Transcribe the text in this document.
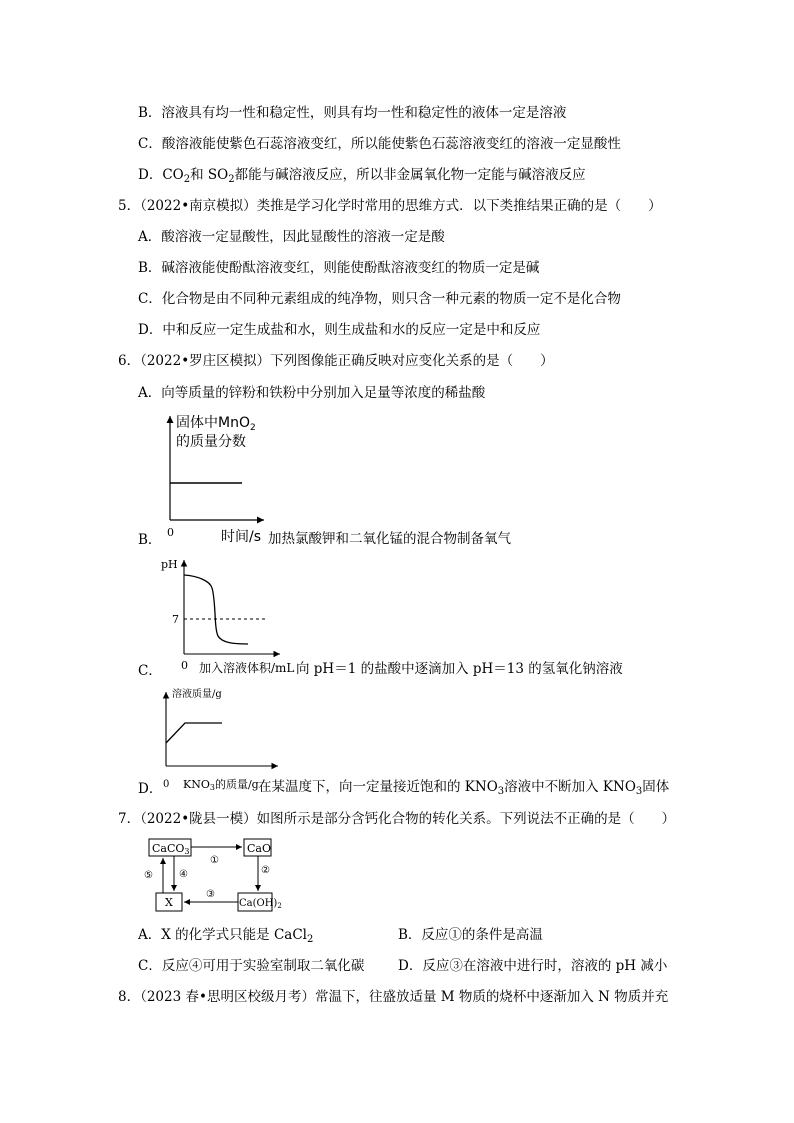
B．溶液具有均一性和稳定性，则具有均一性和稳定性的液体一定是溶液
C．酸溶液能使紫色石蕊溶液变红，所以能使紫色石蕊溶液变红的溶液一定显酸性
D．$CO_2$和 $SO_2$都能与碱溶液反应，所以非金属氧化物一定能与碱溶液反应
5．（2022•南京模拟）类推是学习化学时常用的思维方式．以下类推结果正确的是（　　）
A．酸溶液一定显酸性，因此显酸性的溶液一定是酸
B．碱溶液能使酚酞溶液变红，则能使酚酞溶液变红的物质一定是碱
C．化合物是由不同种元素组成的纯净物，则只含一种元素的物质一定不是化合物
D．中和反应一定生成盐和水，则生成盐和水的反应一定是中和反应
6．（2022•罗庄区模拟）下列图像能正确反映对应变化关系的是（　　）
A．向等质量的锌粉和铁粉中分别加入足量等浓度的稀盐酸
固体中MnO$_2$
的质量分数
0
B．	时间/s 加热氯酸钾和二氧化锰的混合物制备氧气
pH
7
C． 0 加入溶液体积/mL 向 pH＝1 的盐酸中逐滴加入 pH＝13 的氢氧化钠溶液
溶液质量/g
D． 0 KNO3的质量/g 在某温度下，向一定量接近饱和的 $KNO_3$溶液中不断加入 $KNO_3$固体
7．（2022•陇县一模）如图所示是部分含钙化合物的转化关系。下列说法不正确的是（　　）
CaCO3	CaO
X	$Ca(OH)_2$
①
②
③
④
⑤
A．X 的化学式只能是 CaCl$_2$	B．反应①的条件是高温
C．反应④可用于实验室制取二氧化碳 D．反应③在溶液中进行时，溶液的 pH 减小
8．（2023 春•思明区校级月考）常温下，往盛放适量 M 物质的烧杯中逐渐加入 N 物质并充
